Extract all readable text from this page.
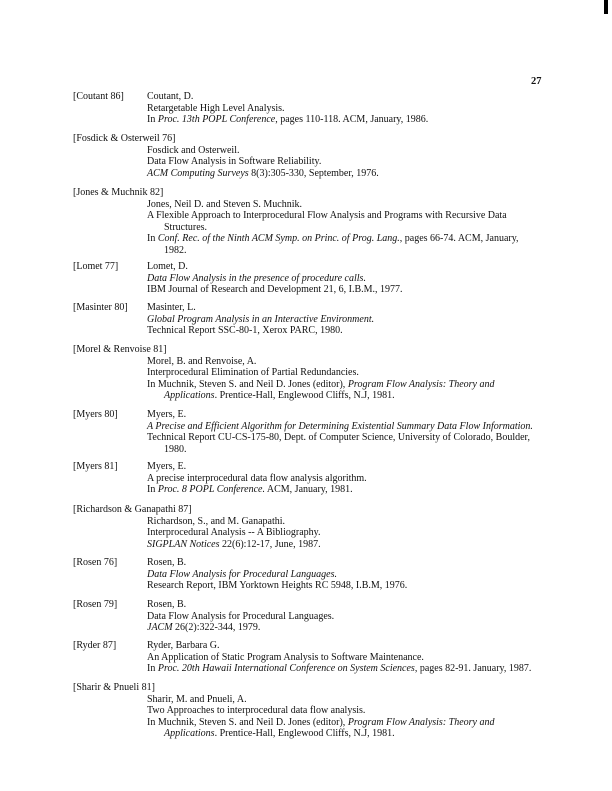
27
[Coutant 86] Coutant, D.
Retargetable High Level Analysis.
In Proc. 13th POPL Conference, pages 110-118. ACM, January, 1986.
[Fosdick & Osterweil 76]
Fosdick and Osterweil.
Data Flow Analysis in Software Reliability.
ACM Computing Surveys 8(3):305-330, September, 1976.
[Jones & Muchnik 82]
Jones, Neil D. and Steven S. Muchnik.
A Flexible Approach to Interprocedural Flow Analysis and Programs with Recursive Data
Structures.
In Conf. Rec. of the Ninth ACM Symp. on Princ. of Prog. Lang., pages 66-74. ACM, January,
1982.
[Lomet 77]	Lomet, D.
Data Flow Analysis in the presence of procedure calls.
IBM Journal of Research and Development 21, 6, I.B.M., 1977.
[Masinter 80] Masinter, L.
Global Program Analysis in an Interactive Environment.
Technical Report SSC-80-1, Xerox PARC, 1980.
[Morel & Renvoise 81]
Morel, B. and Renvoise, A.
Interprocedural Elimination of Partial Redundancies.
In Muchnik, Steven S. and Neil D. Jones (editor), Program Flow Analysis: Theory and
Applications. Prentice-Hall, Englewood Cliffs, N.J, 1981.
[Myers 80]	Myers, E.
A Precise and Efficient Algorithm for Determining Existential Summary Data Flow Information.
Technical Report CU-CS-175-80, Dept. of Computer Science, University of Colorado, Boulder,
1980.
[Myers 81]	Myers, E.
A precise interprocedural data flow analysis algorithm.
In Proc. 8 POPL Conference. ACM, January, 1981.
[Richardson & Ganapathi 87]
Richardson, S., and M. Ganapathi.
Interprocedural Analysis -- A Bibliography.
SIGPLAN Notices 22(6):12-17, June, 1987.
[Rosen 76]	Rosen, B.
Data Flow Analysis for Procedural Languages.
Research Report, IBM Yorktown Heights RC 5948, I.B.M, 1976.
[Rosen 79]	Rosen, B.
Data Flow Analysis for Procedural Languages.
JACM 26(2):322-344, 1979.
[Ryder 87]	Ryder, Barbara G.
An Application of Static Program Analysis to Software Maintenance.
In Proc. 20th Hawaii International Conference on System Sciences, pages 82-91. January, 1987.
[Sharir & Pnueli 81]
Sharir, M. and Pnueli, A.
Two Approaches to interprocedural data flow analysis.
In Muchnik, Steven S. and Neil D. Jones (editor), Program Flow Analysis: Theory and
Applications. Prentice-Hall, Englewood Cliffs, N.J, 1981.
